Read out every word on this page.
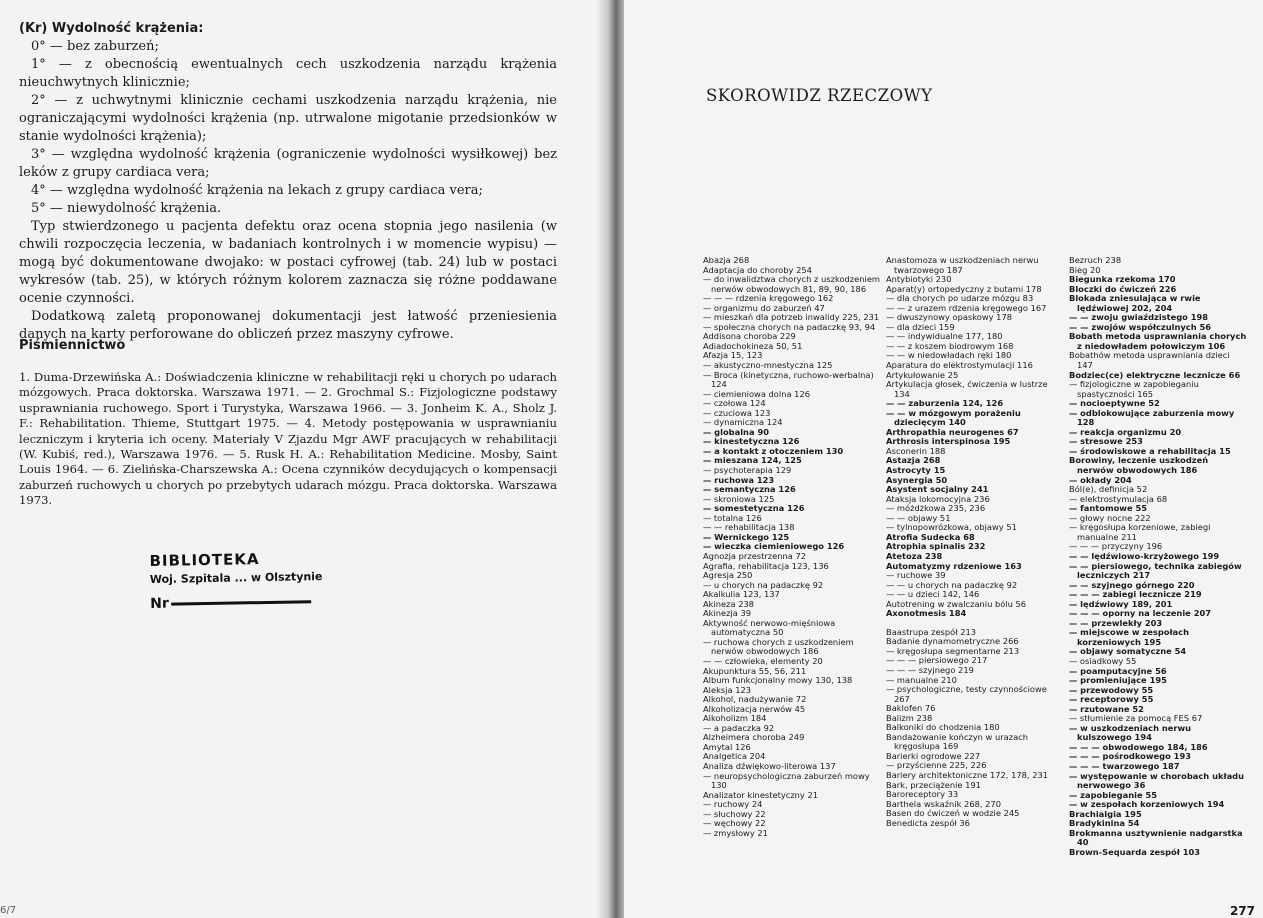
(Kr) Wydolność krążenia:

0° — bez zaburzeń;

1° — z obecnością ewentualnych cech uszkodzenia narządu krążenia nieuchwytnych klinicznie;

2° — z uchwytnymi klinicznie cechami uszkodzenia narządu krążenia, nie ograniczającymi wydolności krążenia (np. utrwalone migotanie przedsionków w stanie wydolności krążenia);

3° — względna wydolność krążenia (ograniczenie wydolności wysiłkowej) bez leków z grupy cardiaca vera;

4° — względna wydolność krążenia na lekach z grupy cardiaca vera;

5° — niewydolność krążenia.

Typ stwierdzonego u pacjenta defektu oraz ocena stopnia jego nasilenia (w chwili rozpoczęcia leczenia, w badaniach kontrolnych i w momencie wypisu) — mogą być dokumentowane dwojako: w postaci cyfrowej (tab. 24) lub w postaci wykresów (tab. 25), w których różnym kolorem zaznacza się różne poddawane ocenie czynności.

Dodatkową zaletą proponowanej dokumentacji jest łatwość przeniesienia danych na karty perforowane do obliczeń przez maszyny cyfrowe.

Piśmiennictwo
1. Duma-Drzewińska A.: Doświadczenia kliniczne w rehabilitacji ręki u chorych po udarach mózgowych. Praca doktorska. Warszawa 1971. — 2. Grochmal S.: Fizjologiczne podstawy usprawniania ruchowego. Sport i Turystyka, Warszawa 1966. — 3. Jonheim K. A., Sholz J. F.: Rehabilitation. Thieme, Stuttgart 1975. — 4. Metody postępowania w usprawnianiu leczniczym i kryteria ich oceny. Materiały V Zjazdu Mgr AWF pracujących w rehabilitacji (W. Kubiś, red.), Warszawa 1976. — 5. Rusk H. A.: Rehabilitation Medicine. Mosby, Saint Louis 1964. — 6. Zielińska-Charszewska A.: Ocena czynników decydujących o kompensacji zaburzeń ruchowych u chorych po przebytych udarach mózgu. Praca doktorska. Warszawa 1973.
BIBLIOTEKA
Woj. Szpitala ... w Olsztynie
Nr
6/7
SKOROWIDZ RZECZOWY

Abazja 268

Adaptacja do choroby 254

— do inwalidztwa chorych z uszkodzeniem nerwów obwodowych 81, 89, 90, 186

— — — rdzenia kręgowego 162

— organizmu do zaburzeń 47

— mieszkań dla potrzeb inwalidy 225, 231

— społeczna chorych na padaczkę 93, 94

Addisona choroba 229

Adiadochokineza 50, 51

Afazja 15, 123

— akustyczno-mnestyczna 125

— Broca (kinetyczna, ruchowo-werbalna) 124

— ciemieniowa dolna 126

— czołowa 124

— czuciowa 123

— dynamiczna 124

— globalna 90

— kinestetyczna 126

— a kontakt z otoczeniem 130

— mieszana 124, 125

— psychoterapia 129

— ruchowa 123

— semantyczna 126

— skroniowa 125

— somestetyczna 126

— totalna 126

— — rehabilitacja 138

— Wernickego 125

— wieczka ciemieniowego 126

Agnozja przestrzenna 72

Agrafia, rehabilitacja 123, 136

Agresja 250

— u chorych na padaczkę 92

Akalkulia 123, 137

Akineza 238

Akinezja 39

Aktywność nerwowo-mięśniowa automatyczna 50

— ruchowa chorych z uszkodzeniem nerwów obwodowych 186

— — człowieka, elementy 20

Akupunktura 55, 56, 211

Album funkcjonalny mowy 130, 138

Aleksja 123

Alkohol, nadużywanie 72

Alkoholizacja nerwów 45

Alkoholizm 184

— a padaczka 92

Alzheimera choroba 249

Amytal 126

Analgetica 204

Analiza dźwiękowo-literowa 137

— neuropsychologiczna zaburzeń mowy 130

Analizator kinestetyczny 21

— ruchowy 24

— słuchowy 22

— węchowy 22

— zmysłowy 21

Anastomoza w uszkodzeniach nerwu twarzowego 187

Antybiotyki 230

Aparat(y) ortopedyczny z butami 178

— dla chorych po udarze mózgu 83

— — z urazem rdzenia kręgowego 167

— dwuszynowy opaskowy 178

— dla dzieci 159

— — indywidualne 177, 180

— — z koszem biodrowym 168

— — w niedowładach ręki 180

Aparatura do elektrostymulacji 116

Artykułowanie 25

Artykulacja głosek, ćwiczenia w lustrze 134

— — zaburzenia 124, 126

— — w mózgowym porażeniu dziecięcym 140

Arthropathia neurogenes 67

Arthrosis interspinosa 195

Asconerin 188

Astazja 268

Astrocyty 15

Asynergia 50

Asystent socjalny 241

Ataksja lokomocyjna 236

— móżdżkowa 235, 236

— — objawy 51

— tylnopowrózkowa, objawy 51

Atrofia Sudecka 68

Atrophia spinalis 232

Atetoza 238

Automatyzmy rdzeniowe 163

— ruchowe 39

— — u chorych na padaczkę 92

— — u dzieci 142, 146

Autotrening w zwalczaniu bólu 56

Axonotmesis 184

Baastrupa zespół 213

Badanie dynamometryczne 266

— kręgosłupa segmentarne 213

— — — piersiowego 217

— — — szyjnego 219

— manualne 210

— psychologiczne, testy czynnościowe 267

Baklofen 76

Balizm 238

Balkoniki do chodzenia 180

Bandażowanie kończyn w urazach kręgosłupa 169

Barierki ogrodowe 227

— przyścienne 225, 226

Bariery architektoniczne 172, 178, 231

Bark, przeciążenie 191

Baroreceptory 33

Barthela wskaźnik 268, 270

Basen do ćwiczeń w wodzie 245

Benedicta zespół 36

Bezruch 238

Bieg 20

Biegunka rzekoma 170

Bloczki do ćwiczeń 226

Blokada zniesulająca w rwie lędźwiowej 202, 204

— — zwoju gwiaździstego 198

— — zwojów współczulnych 56

Bobath metoda usprawniania chorych z niedowładem połowiczym 106

Bobathów metoda usprawniania dzieci 147

Bodziec(ce) elektryczne lecznicze 66

— fizjologiczne w zapobieganiu spastyczności 165

— nocioeptywne 52

— odblokowujące zaburzenia mowy 128

— reakcja organizmu 20

— stresowe 253

— środowiskowe a rehabilitacja 15

Borowiny, leczenie uszkodzeń nerwów obwodowych 186

— okłady 204

Ból(e), definicja 52

— elektrostymulacja 68

— fantomowe 55

— głowy nocne 222

— kręgosłupa korzeniowe, zabiegi manualne 211

— — — przyczyny 196

— — lędźwiowo-krzyżowego 199

— — piersiowego, technika zabiegów leczniczych 217

— — szyjnego górnego 220

— — — zabiegi lecznicze 219

— lędźwiowy 189, 201

— — — oporny na leczenie 207

— — przewlekły 203

— miejscowe w zespołach korzeniowych 195

— objawy somatyczne 54

— osiadkowy 55

— poamputacyjne 56

— promieniujące 195

— przewodowy 55

— receptorowy 55

— rzutowane 52

— stłumienie za pomocą FES 67

— w uszkodzeniach nerwu kulszowego 194

— — — obwodowego 184, 186

— — — pośrodkowego 193

— — — twarzowego 187

— występowanie w chorobach układu nerwowego 36

— zapobieganie 55

— w zespołach korzeniowych 194

Brachialgia 195

Bradykinina 54

Brokmanna usztywnienie nadgarstka 40

Brown-Sequarda zespół 103

277
